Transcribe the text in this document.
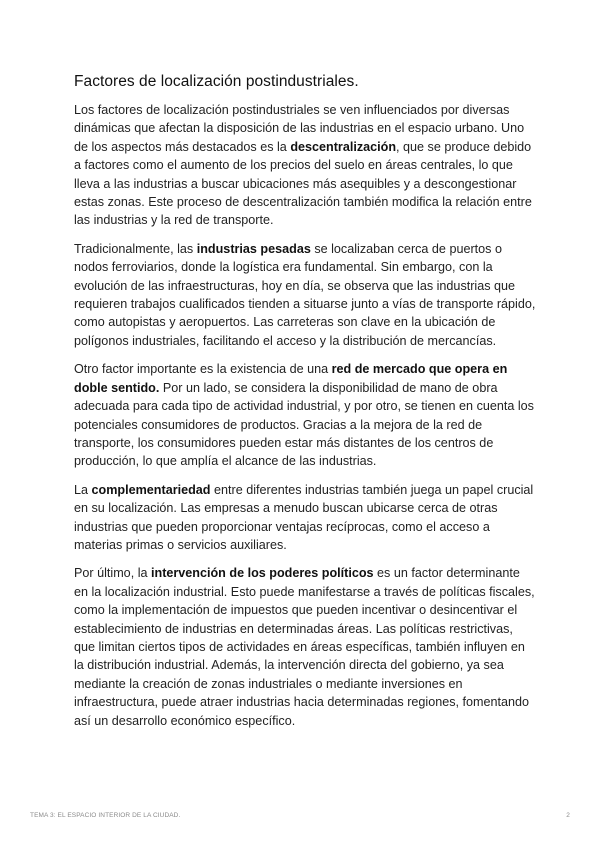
Factores de localización postindustriales.

Los factores de localización postindustriales se ven influenciados por diversas dinámicas que afectan la disposición de las industrias en el espacio urbano. Uno de los aspectos más destacados es la descentralización, que se produce debido a factores como el aumento de los precios del suelo en áreas centrales, lo que lleva a las industrias a buscar ubicaciones más asequibles y a descongestionar estas zonas. Este proceso de descentralización también modifica la relación entre las industrias y la red de transporte.

Tradicionalmente, las industrias pesadas se localizaban cerca de puertos o nodos ferroviarios, donde la logística era fundamental. Sin embargo, con la evolución de las infraestructuras, hoy en día, se observa que las industrias que requieren trabajos cualificados tienden a situarse junto a vías de transporte rápido, como autopistas y aeropuertos. Las carreteras son clave en la ubicación de polígonos industriales, facilitando el acceso y la distribución de mercancías.

Otro factor importante es la existencia de una red de mercado que opera en doble sentido. Por un lado, se considera la disponibilidad de mano de obra adecuada para cada tipo de actividad industrial, y por otro, se tienen en cuenta los potenciales consumidores de productos. Gracias a la mejora de la red de transporte, los consumidores pueden estar más distantes de los centros de producción, lo que amplía el alcance de las industrias.

La complementariedad entre diferentes industrias también juega un papel crucial en su localización. Las empresas a menudo buscan ubicarse cerca de otras industrias que pueden proporcionar ventajas recíprocas, como el acceso a materias primas o servicios auxiliares.

Por último, la intervención de los poderes políticos es un factor determinante en la localización industrial. Esto puede manifestarse a través de políticas fiscales, como la implementación de impuestos que pueden incentivar o desincentivar el establecimiento de industrias en determinadas áreas. Las políticas restrictivas, que limitan ciertos tipos de actividades en áreas específicas, también influyen en la distribución industrial. Además, la intervención directa del gobierno, ya sea mediante la creación de zonas industriales o mediante inversiones en infraestructura, puede atraer industrias hacia determinadas regiones, fomentando así un desarrollo económico específico.

TEMA 3: EL ESPACIO INTERIOR DE LA CIUDAD.	2
